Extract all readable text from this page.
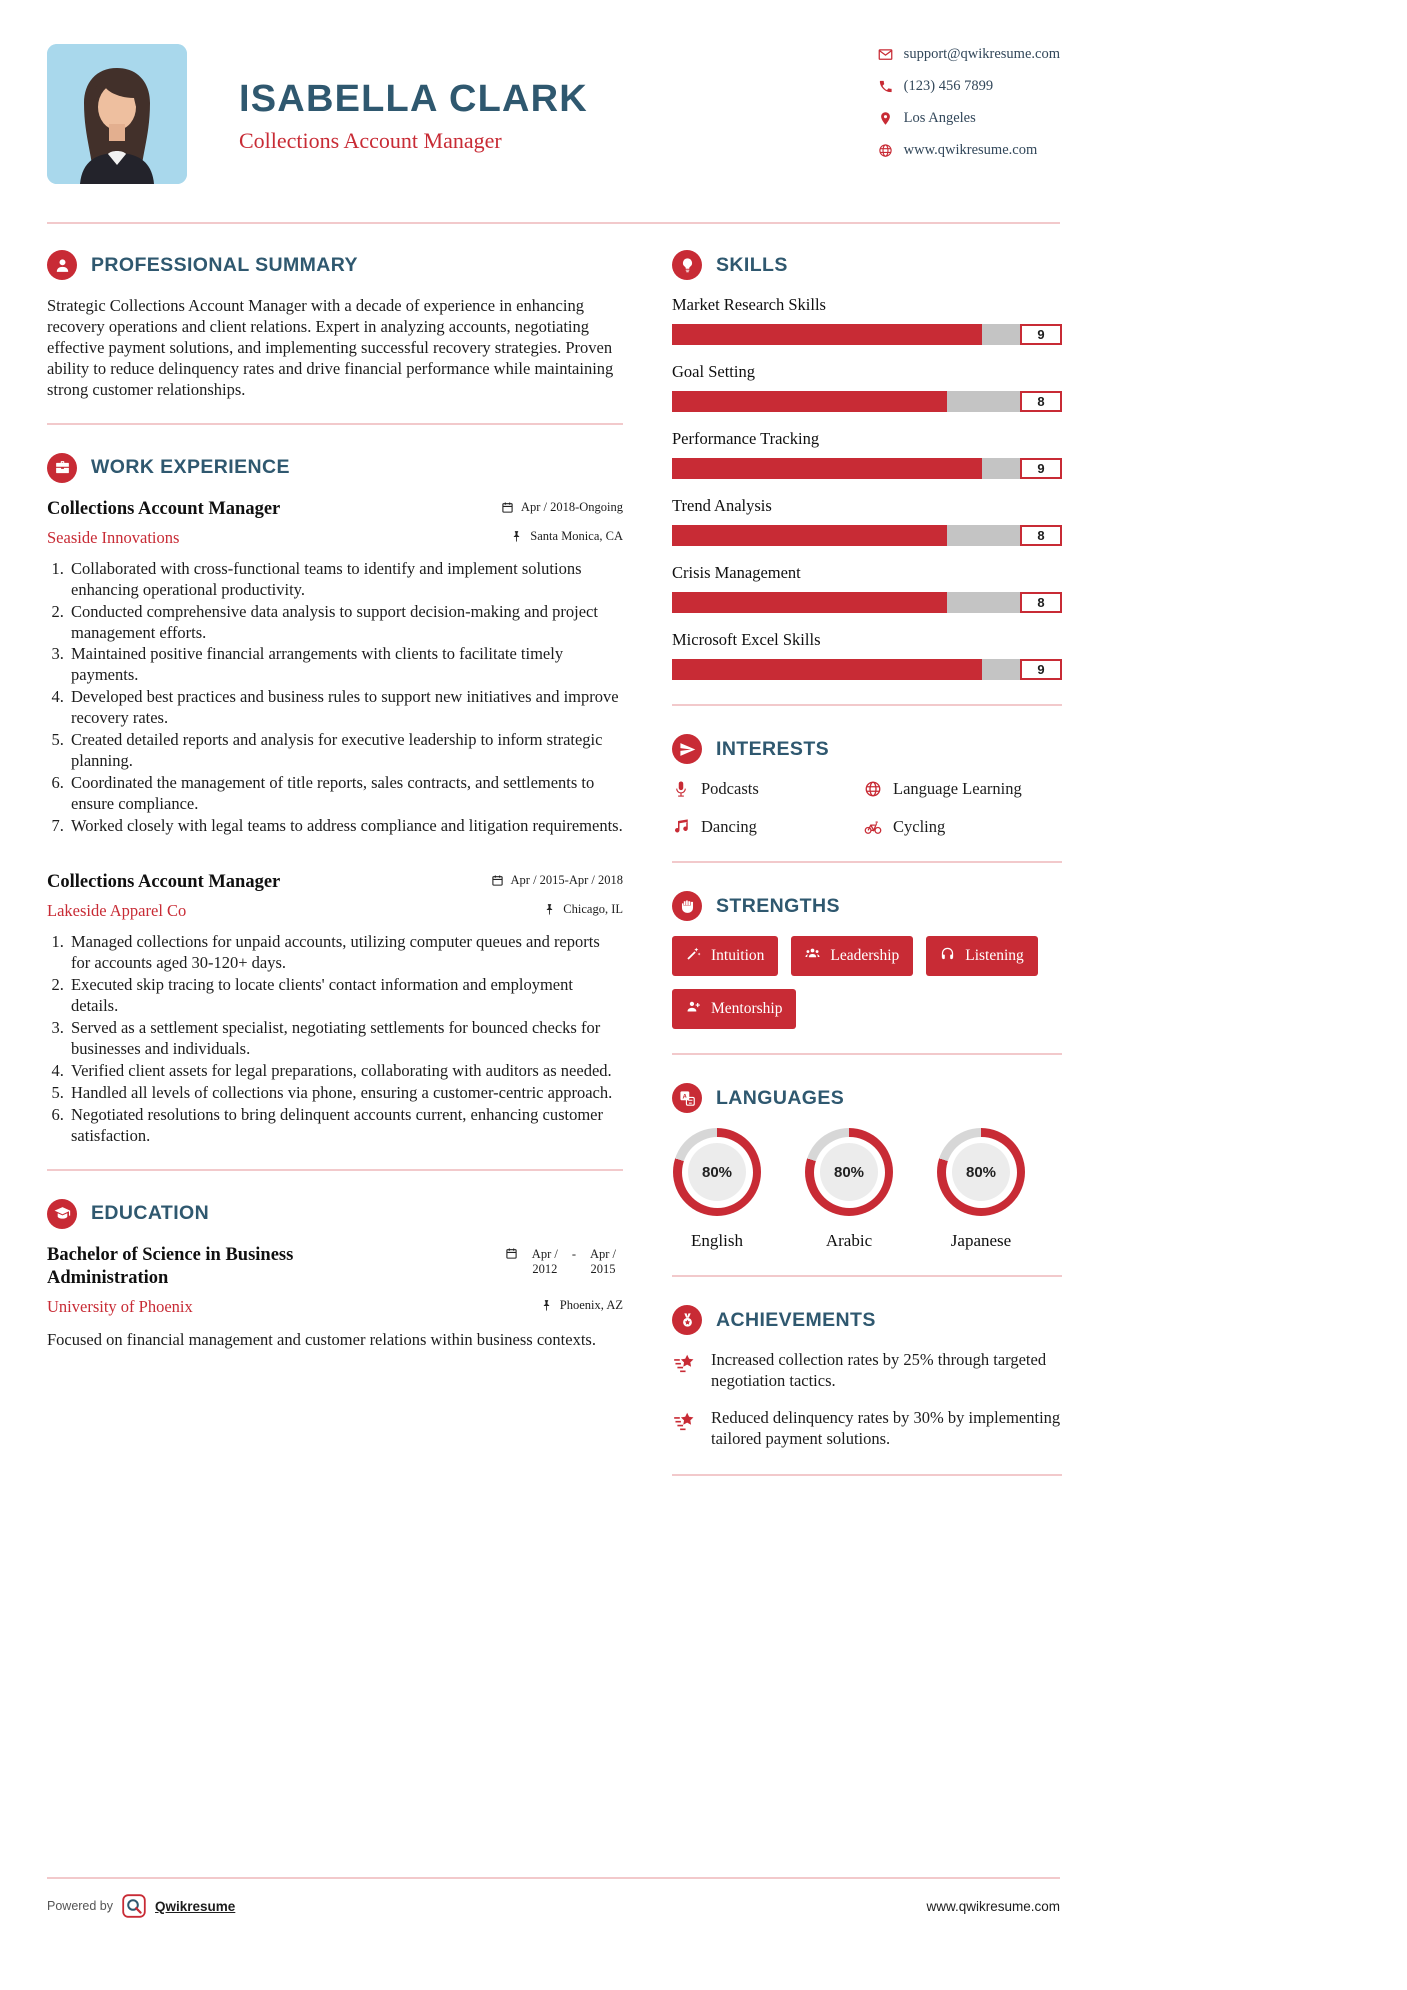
ISABELLA CLARK
Collections Account Manager
support@qwikresume.com
(123) 456 7899
Los Angeles
www.qwikresume.com
PROFESSIONAL SUMMARY

Strategic Collections Account Manager with a decade of experience in enhancing recovery operations and client relations. Expert in analyzing accounts, negotiating effective payment solutions, and implementing successful recovery strategies. Proven ability to reduce delinquency rates and drive financial performance while maintaining strong customer relationships.

WORK EXPERIENCE
Collections Account Manager	Apr / 2018-Ongoing
Seaside Innovations	Santa Monica, CA
1. Collaborated with cross-functional teams to identify and implement solutions enhancing operational productivity.
2. Conducted comprehensive data analysis to support decision-making and project management efforts.
3. Maintained positive financial arrangements with clients to facilitate timely payments.
4. Developed best practices and business rules to support new initiatives and improve recovery rates.
5. Created detailed reports and analysis for executive leadership to inform strategic planning.
6. Coordinated the management of title reports, sales contracts, and settlements to ensure compliance.
7. Worked closely with legal teams to address compliance and litigation requirements.
Collections Account Manager	Apr / 2015-Apr / 2018
Lakeside Apparel Co	Chicago, IL
1. Managed collections for unpaid accounts, utilizing computer queues and reports for accounts aged 30-120+ days.
2. Executed skip tracing to locate clients' contact information and employment details.
3. Served as a settlement specialist, negotiating settlements for bounced checks for businesses and individuals.
4. Verified client assets for legal preparations, collaborating with auditors as needed.
5. Handled all levels of collections via phone, ensuring a customer-centric approach.
6. Negotiated resolutions to bring delinquent accounts current, enhancing customer satisfaction.
EDUCATION
Bachelor of Science in Business Administration
Apr / 2012
-	Apr / 2015
University of Phoenix	Phoenix, AZ

Focused on financial management and customer relations within business contexts.

SKILLS
Market Research Skills
9
Goal Setting
8
Performance Tracking
9
Trend Analysis
8
Crisis Management
8
Microsoft Excel Skills
9
INTERESTS
Podcasts	Language Learning
Dancing	Cycling
STRENGTHS
Intuition	Leadership	Listening
Mentorship
A LANGUAGES
80%
English
80%
Arabic
80%
Japanese
ACHIEVEMENTS

Increased collection rates by 25% through targeted negotiation tactics.

Reduced delinquency rates by 30% by implementing tailored payment solutions.

Powered by	Qwikresume	www.qwikresume.com
